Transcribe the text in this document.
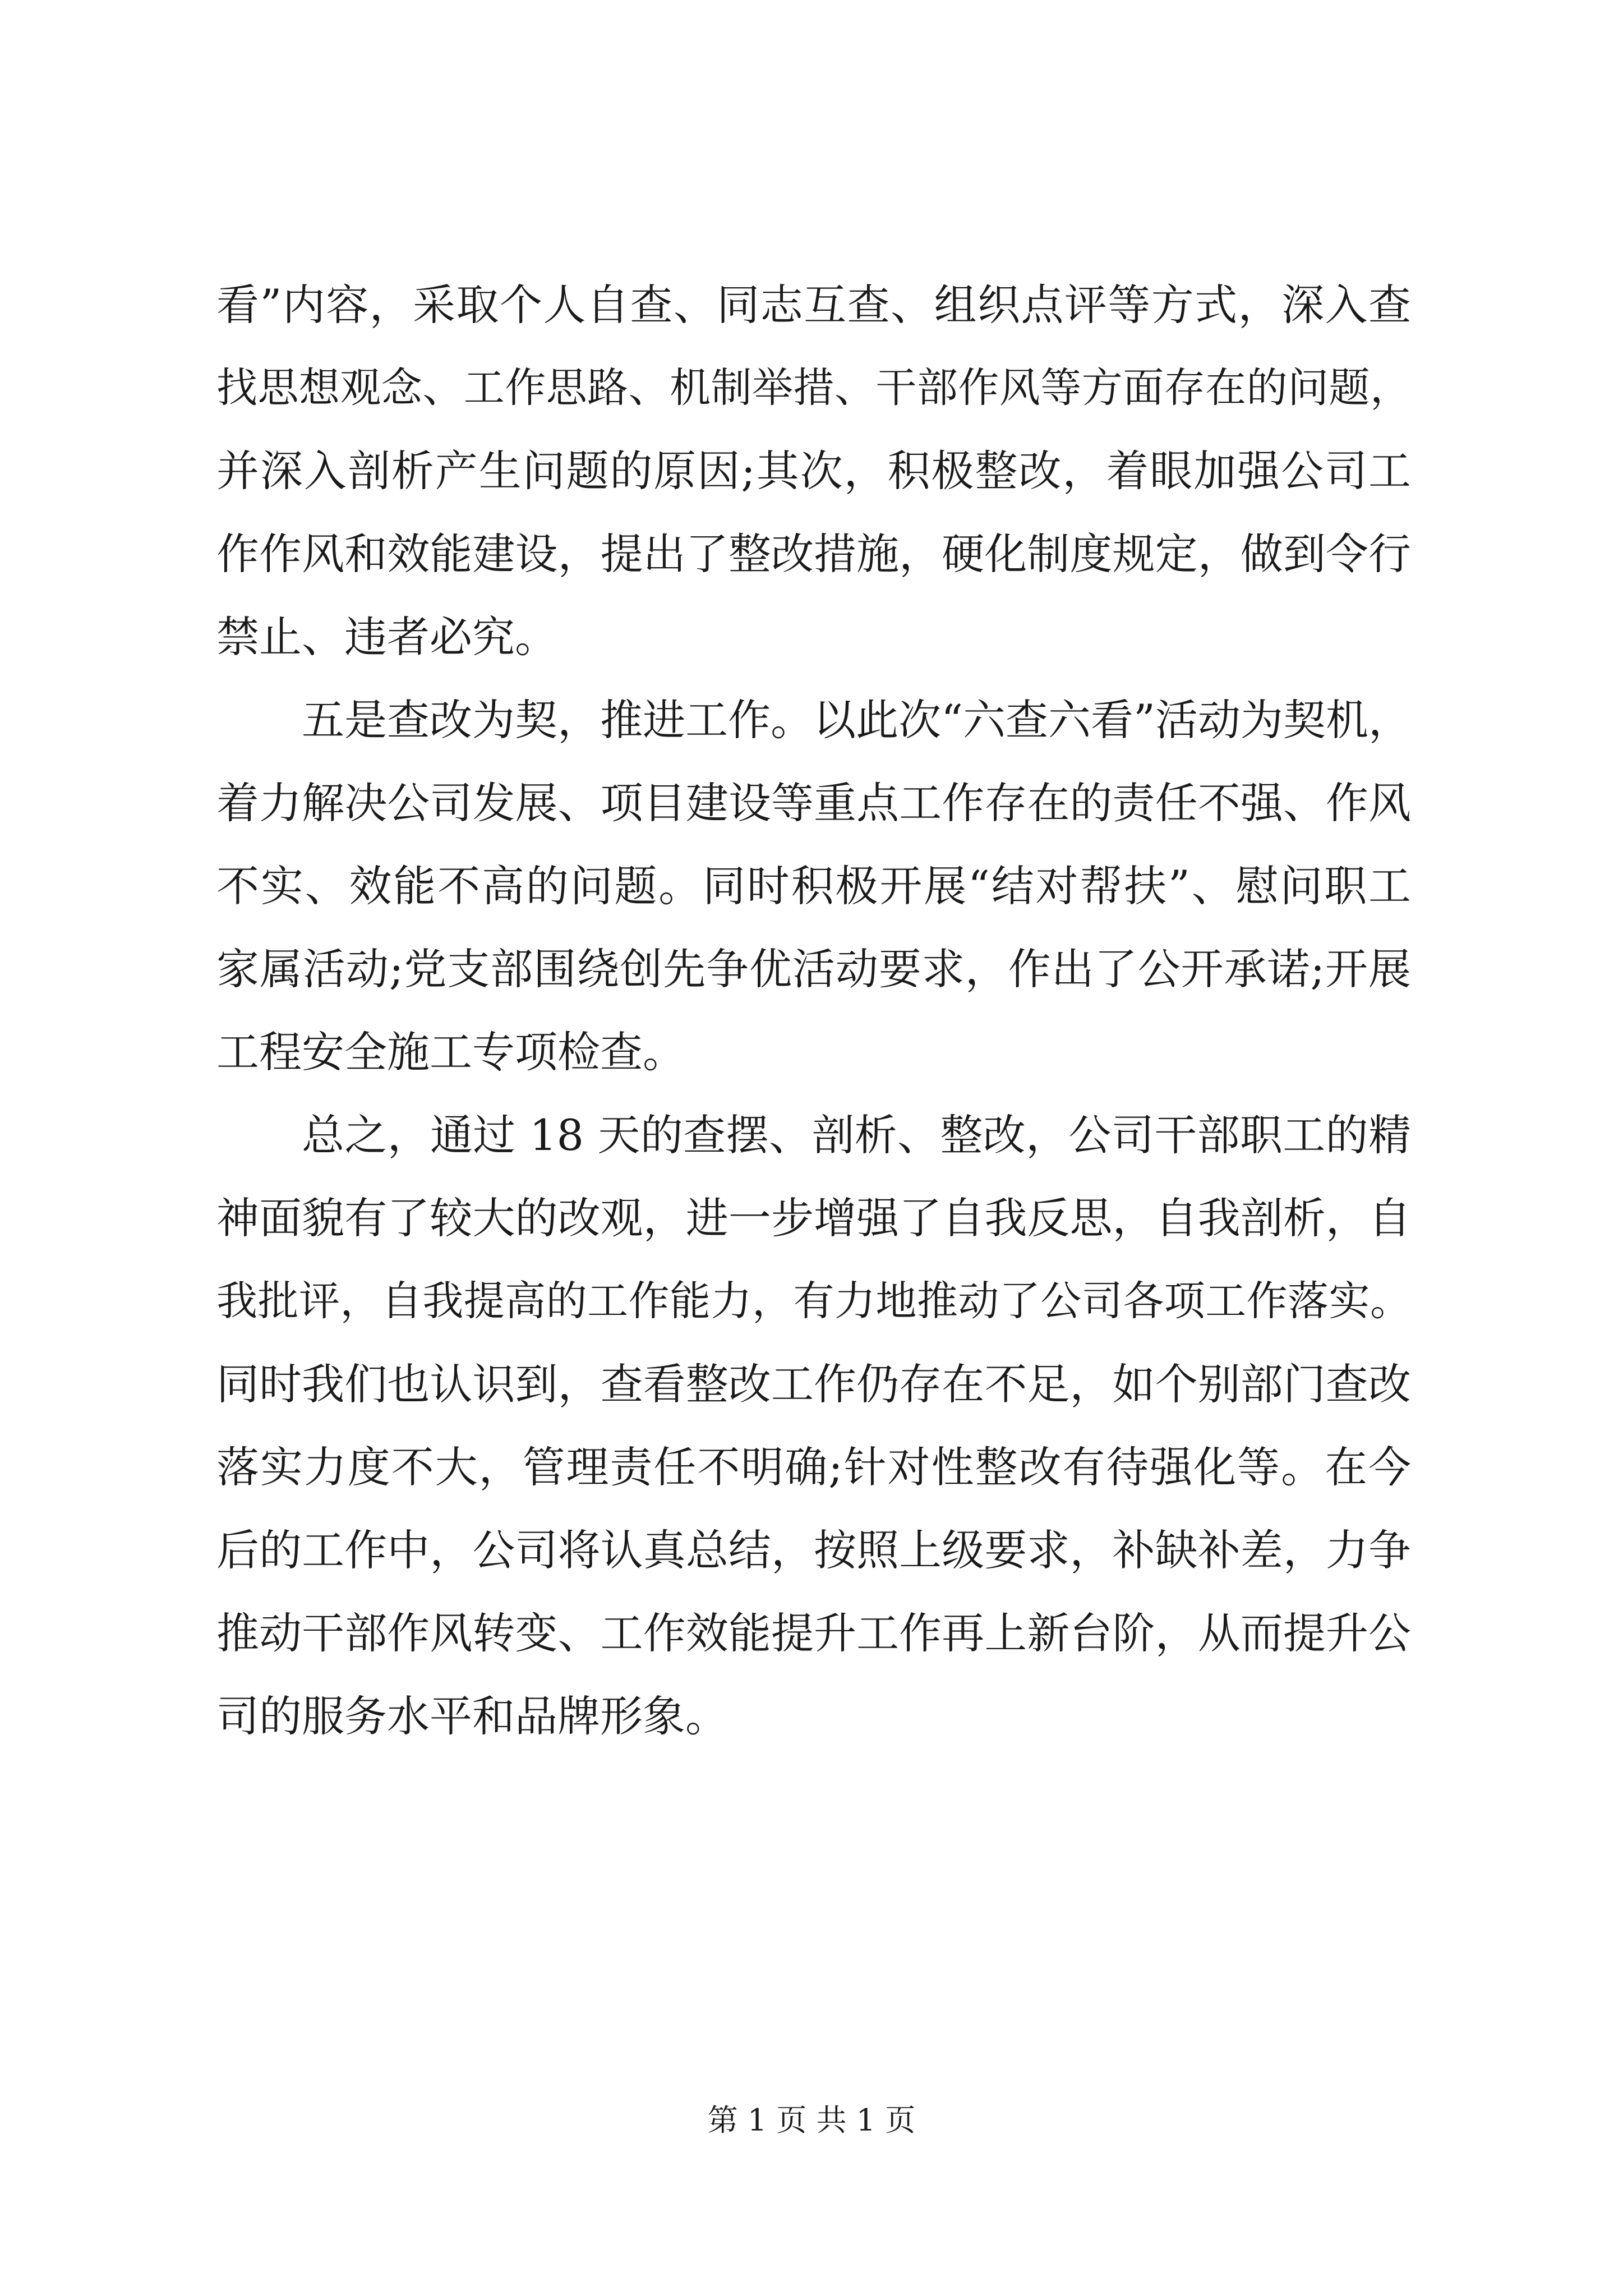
看”内容，采取个人自查、同志互查、组织点评等方式，深入查
找思想观念、工作思路、机制举措、干部作风等方面存在的问题，
并深入剖析产生问题的原因;其次，积极整改，着眼加强公司工
作作风和效能建设，提出了整改措施，硬化制度规定，做到令行
禁止、违者必究。
五是查改为契，推进工作。以此次“六查六看”活动为契机，
着力解决公司发展、项目建设等重点工作存在的责任不强、作风
不实、效能不高的问题。同时积极开展“结对帮扶”、慰问职工
家属活动;党支部围绕创先争优活动要求，作出了公开承诺;开展
工程安全施工专项检查。
总之，通过 18 天的查摆、剖析、整改，公司干部职工的精
神面貌有了较大的改观，进一步增强了自我反思，自我剖析，自
我批评，自我提高的工作能力，有力地推动了公司各项工作落实。
同时我们也认识到，查看整改工作仍存在不足，如个别部门查改
落实力度不大，管理责任不明确;针对性整改有待强化等。在今
后的工作中，公司将认真总结，按照上级要求，补缺补差，力争
推动干部作风转变、工作效能提升工作再上新台阶，从而提升公
司的服务水平和品牌形象。
第 1 页 共 1 页
